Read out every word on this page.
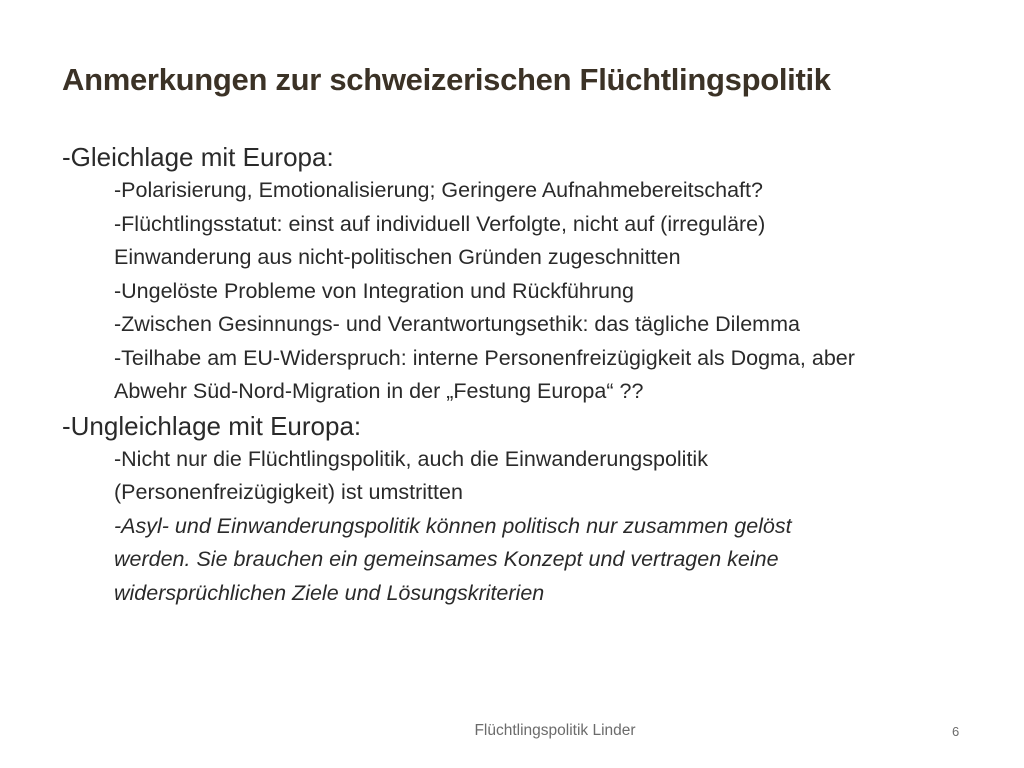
Anmerkungen zur schweizerischen Flüchtlingspolitik

-Gleichlage mit Europa:

-Polarisierung, Emotionalisierung; Geringere Aufnahmebereitschaft?

-Flüchtlingsstatut: einst auf individuell Verfolgte, nicht auf (irreguläre)

Einwanderung aus nicht-politischen Gründen zugeschnitten

-Ungelöste Probleme von Integration und Rückführung

-Zwischen Gesinnungs- und Verantwortungsethik: das tägliche Dilemma

-Teilhabe am EU-Widerspruch: interne Personenfreizügigkeit als Dogma, aber

Abwehr Süd-Nord-Migration in der „Festung Europa“ ??

-Ungleichlage mit Europa:

-Nicht nur die Flüchtlingspolitik, auch die Einwanderungspolitik

(Personenfreizügigkeit) ist umstritten

-Asyl- und Einwanderungspolitik können politisch nur zusammen gelöst

werden. Sie brauchen ein gemeinsames Konzept und vertragen keine

widersprüchlichen Ziele und Lösungskriterien

Flüchtlingspolitik Linder	6
